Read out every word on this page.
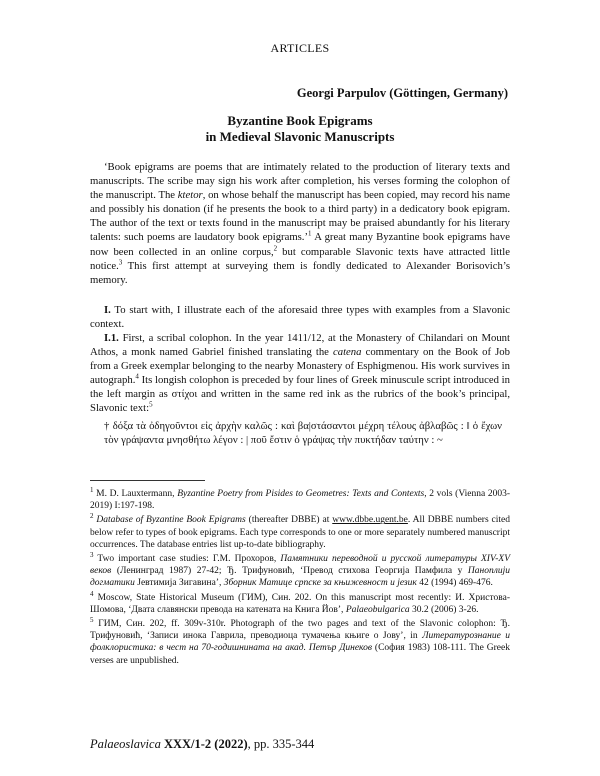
ARTICLES
Georgi Parpulov (Göttingen, Germany)
Byzantine Book Epigrams
in Medieval Slavonic Manuscripts

‘Book epigrams are poems that are intimately related to the production of literary texts and manuscripts. The scribe may sign his work after completion, his verses forming the colophon of the manuscript. The ktetor, on whose behalf the manuscript has been copied, may record his name and possibly his donation (if he presents the book to a third party) in a dedicatory book epigram. The author of the text or texts found in the manuscript may be praised abundantly for his literary talents: such poems are laudatory book epigrams.’$^1$ A great many Byzantine book epigrams have now been collected in an online corpus,$^2$ but comparable Slavonic texts have attracted little notice.$^3$ This first attempt at surveying them is fondly dedicated to Alexander Borisovich’s memory.

I. To start with, I illustrate each of the aforesaid three types with examples from a Slavonic context.

I.1. First, a scribal colophon. In the year 1411/12, at the Monastery of Chilandari on Mount Athos, a monk named Gabriel finished translating the catena commentary on the Book of Job from a Greek exemplar belonging to the nearby Monastery of Esphigmenou. His work survives in autograph.$^4$ Its longish colophon is preceded by four lines of Greek minuscule script introduced in the left margin as στίχοι and written in the same red ink as the rubrics of the book’s principal, Slavonic text:$^5$

† δόξα τὰ ὀδηγοῦντοι εἰς ἀρχὴν καλῶς : καὶ βα|στάσαντοι μέχρη τέλους ἀβλαβῶς : ‖ ὁ ἔχων τὸν γράψαντα μνησθήτω λέγον : | ποῦ ἔστιν ὁ γράψας τὴν πυκτήδαν ταύτην : ~

$^1$ M. D. Lauxtermann, Byzantine Poetry from Pisides to Geometres: Texts and Contexts, 2 vols (Vienna 2003-2019) I:197-198.

$^2$ Database of Byzantine Book Epigrams (thereafter DBBE) at www.dbbe.ugent.be. All DBBE numbers cited below refer to types of book epigrams. Each type corresponds to one or more separately numbered manuscript occurrences. The database entries list up-to-date bibliography.

$^3$ Two important case studies: Г.М. Прохоров, Памятники переводной и русской литературы XIV-XV веков (Ленинград 1987) 27-42; Ђ. Трифуновић, ‘Превод стихова Георгија Памфила у Паноплији догматики Јевтимија Зигавина’, Зборник Матице српске за књижевност и језик 42 (1994) 469-476.

$^4$ Moscow, State Historical Museum (ГИМ), Син. 202. On this manuscript most recently: И. Христова-Шомова, ‘Двата славянски превода на катената на Книга Йов’, Palaeobulgarica 30.2 (2006) 3-26.

$^5$ ГИМ, Син. 202, ff. 309v-310r. Photograph of the two pages and text of the Slavonic colophon: Ђ. Трифуновић, ‘Записи инока Гаврила, преводиоца тумачења књиге о Јову’, in Литературознание и фолклористика: в чест на 70-годишнината на акад. Петър Динеков (София 1983) 108-111. The Greek verses are unpublished.

Palaeoslavica XXX/1-2 (2022), pp. 335-344
